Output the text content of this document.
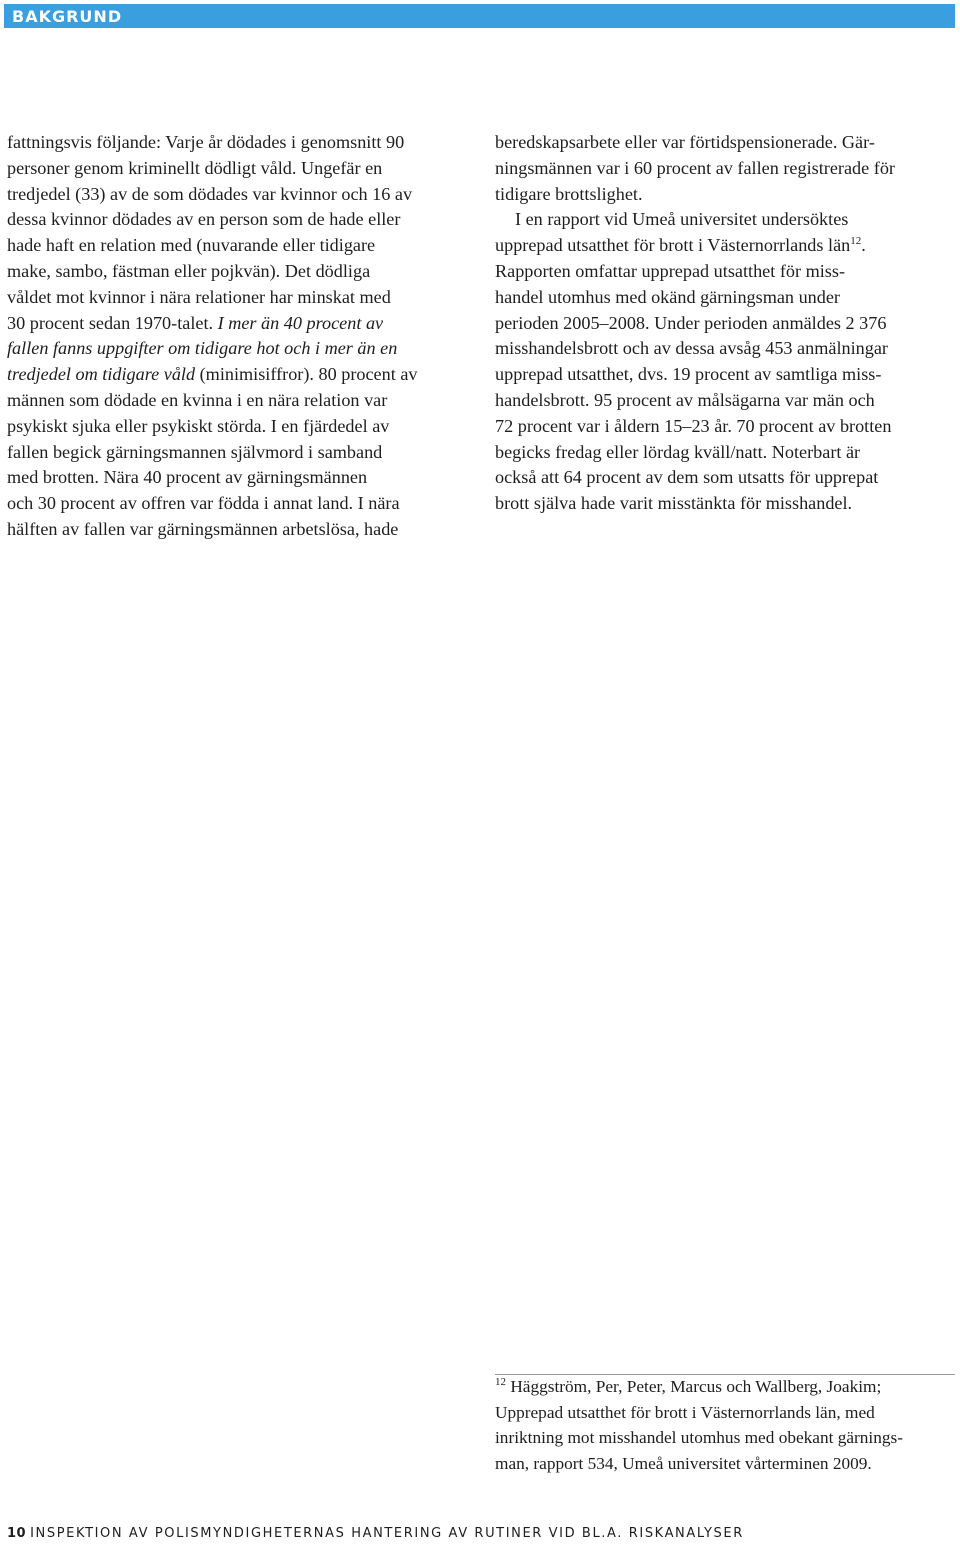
BAKGRUND

fattningsvis följande: Varje år dödades i genomsnitt 90
personer genom kriminellt dödligt våld. Ungefär en
tredjedel (33) av de som dödades var kvinnor och 16 av
dessa kvinnor dödades av en person som de hade eller
hade haft en relation med (nuvarande eller tidigare
make, sambo, fästman eller pojkvän). Det dödliga
våldet mot kvinnor i nära relationer har minskat med
30 procent sedan 1970-talet. I mer än 40 procent av
fallen fanns uppgifter om tidigare hot och i mer än en
tredjedel om tidigare våld (minimisiffror). 80 procent av
männen som dödade en kvinna i en nära relation var
psykiskt sjuka eller psykiskt störda. I en fjärdedel av
fallen begick gärningsmannen självmord i samband
med brotten. Nära 40 procent av gärningsmännen
och 30 procent av offren var födda i annat land. I nära
hälften av fallen var gärningsmännen arbetslösa, hade

beredskapsarbete eller var förtidspensionerade. Gär-
ningsmännen var i 60 procent av fallen registrerade för
tidigare brottslighet.

I en rapport vid Umeå universitet undersöktes
upprepad utsatthet för brott i Västernorrlands län$^{12}$.
Rapporten omfattar upprepad utsatthet för miss-
handel utomhus med okänd gärningsman under
perioden 2005–2008. Under perioden anmäldes 2 376
misshandelsbrott och av dessa avsåg 453 anmälningar
upprepad utsatthet, dvs. 19 procent av samtliga miss-
handelsbrott. 95 procent av målsägarna var män och
72 procent var i åldern 15–23 år. 70 procent av brotten
begicks fredag eller lördag kväll/natt. Noterbart är
också att 64 procent av dem som utsatts för upprepat
brott själva hade varit misstänkta för misshandel.

$^{12}$ Häggström, Per, Peter, Marcus och Wallberg, Joakim;
Upprepad utsatthet för brott i Västernorrlands län, med
inriktning mot misshandel utomhus med obekant gärnings-
man, rapport 534, Umeå universitet vårterminen 2009.
10 INSPEKTION AV POLISMYNDIGHETERNAS HANTERING AV RUTINER VID BL.A. RISKANALYSER
